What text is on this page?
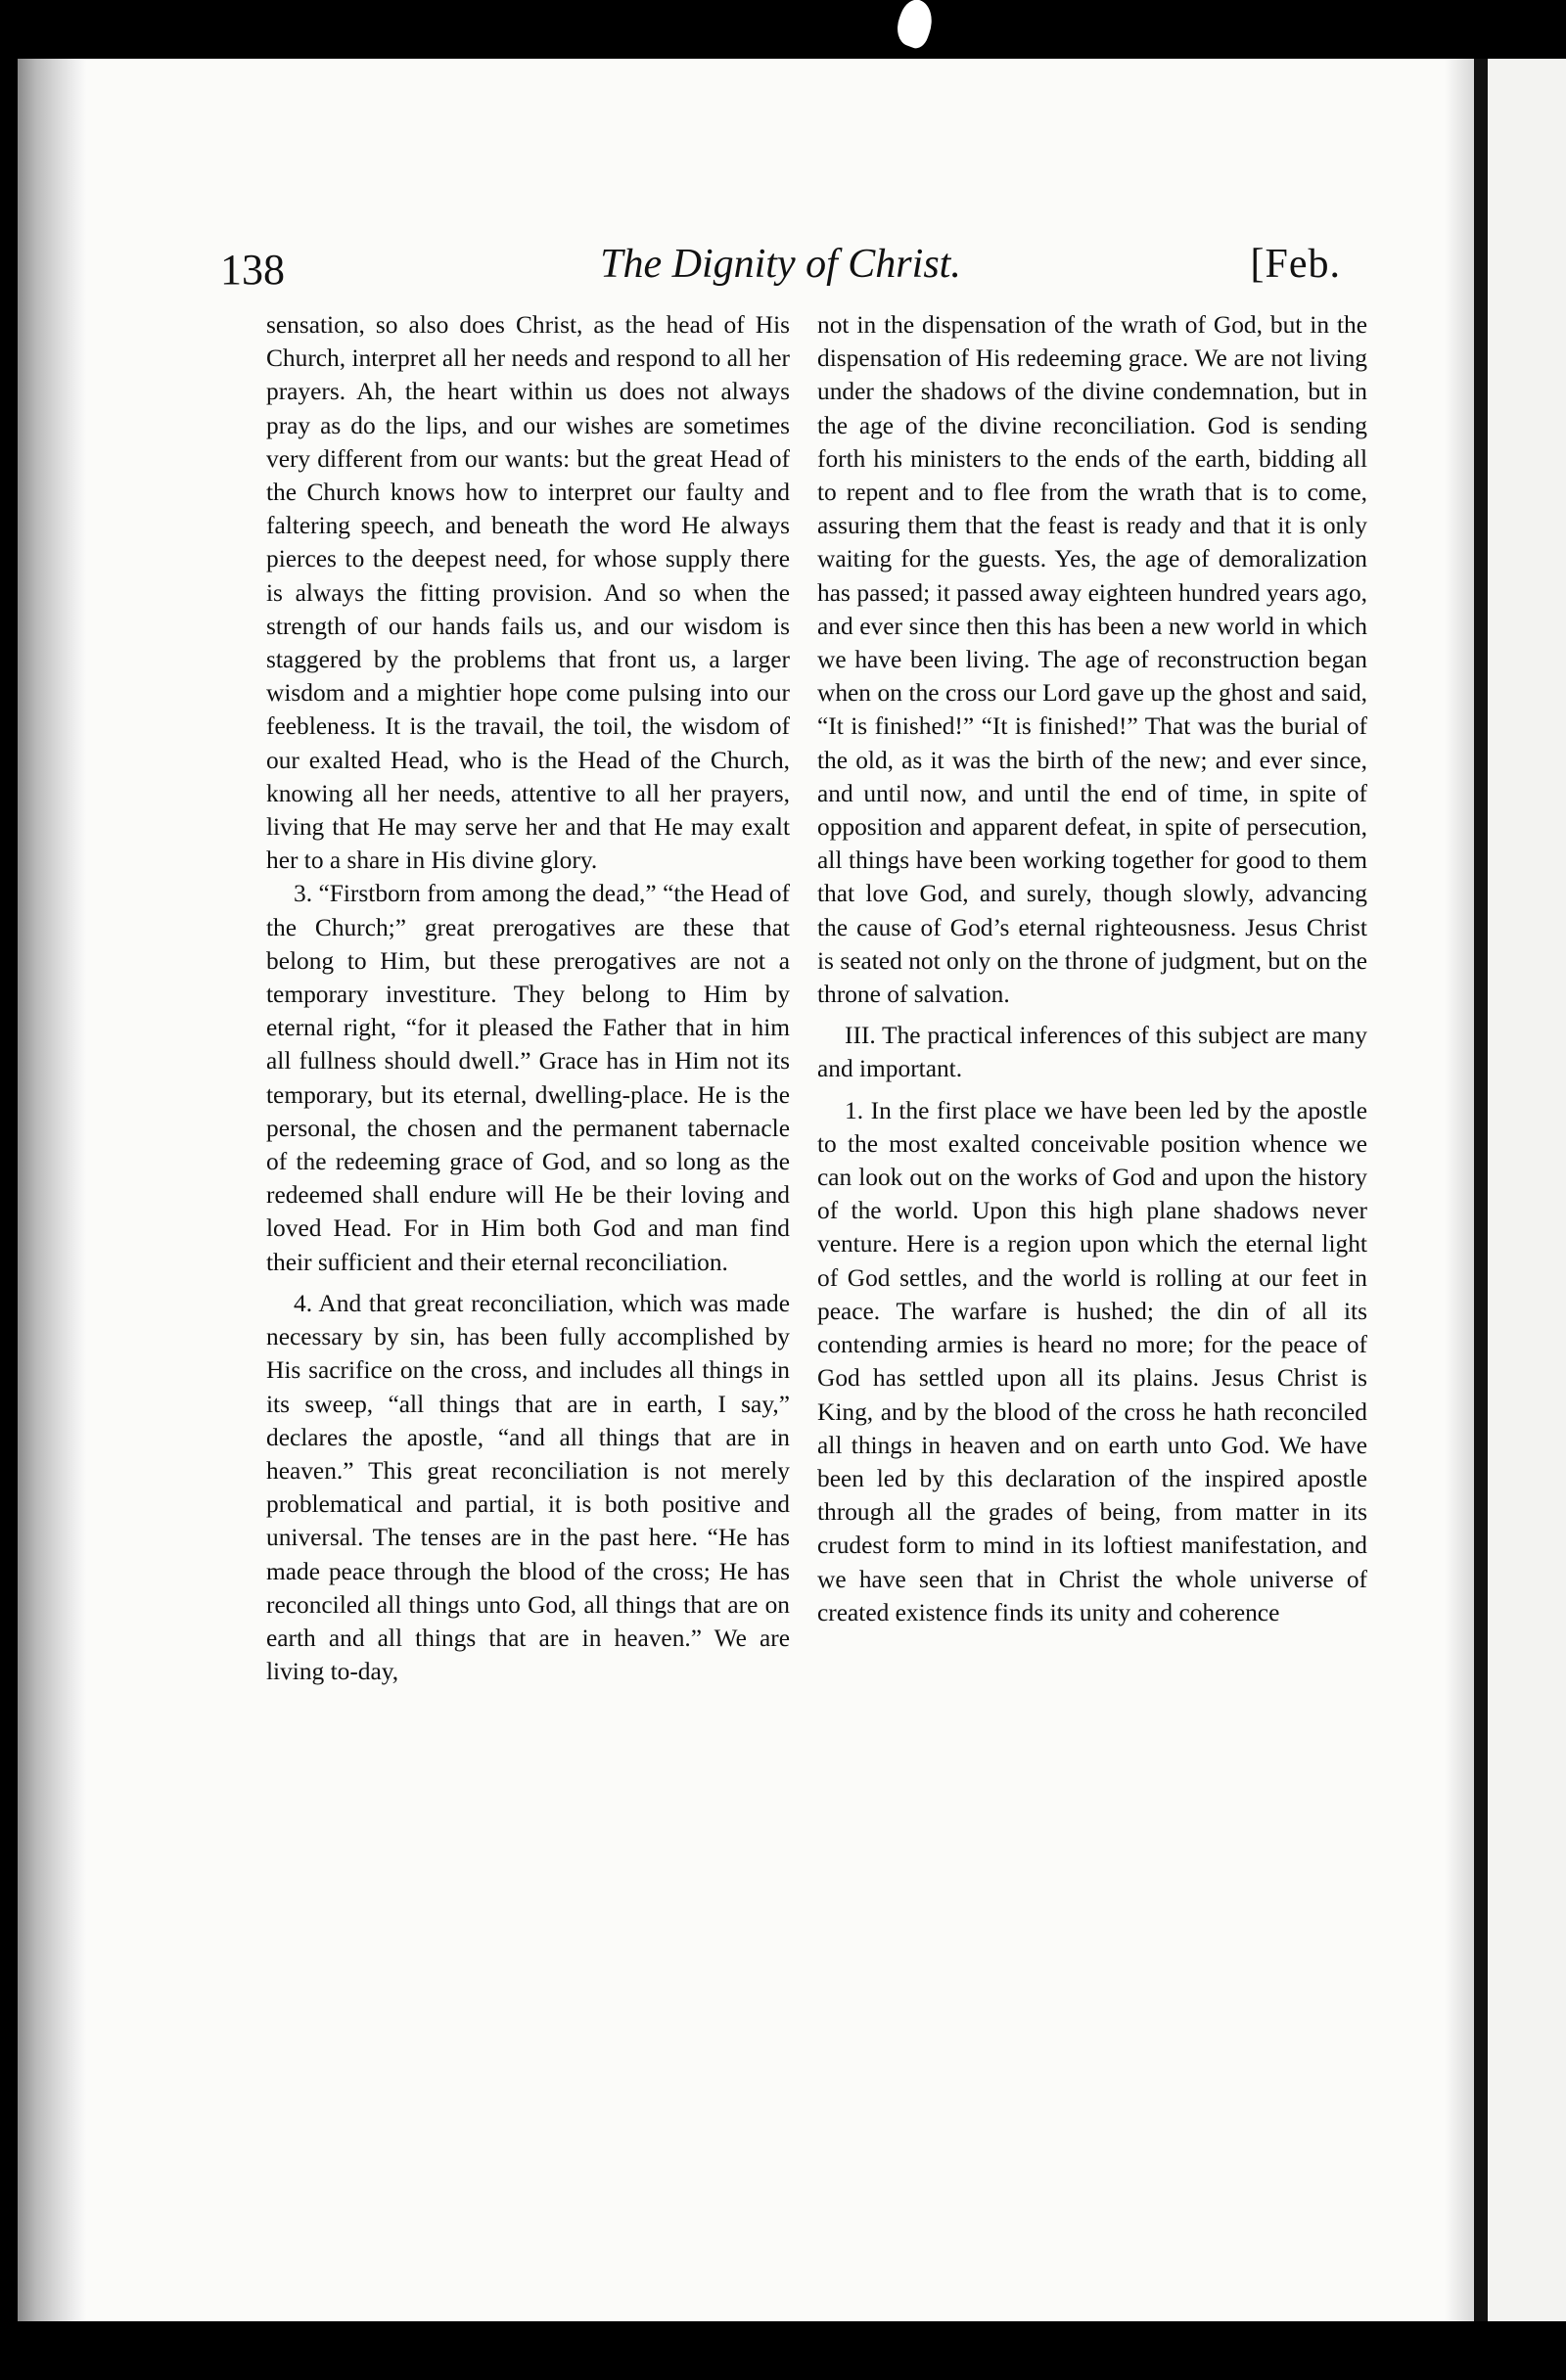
138	The Dignity of Christ.	[Feb.

sensation, so also does Christ, as the head of His Church, interpret all her needs and respond to all her prayers. Ah, the heart within us does not always pray as do the lips, and our wishes are sometimes very different from our wants: but the great Head of the Church knows how to interpret our faulty and faltering speech, and beneath the word He always pierces to the deepest need, for whose supply there is always the fitting provision. And so when the strength of our hands fails us, and our wisdom is staggered by the problems that front us, a larger wisdom and a mightier hope come pulsing into our feebleness. It is the travail, the toil, the wisdom of our exalted Head, who is the Head of the Church, knowing all her needs, attentive to all her prayers, living that He may serve her and that He may exalt her to a share in His divine glory.

3. “Firstborn from among the dead,” “the Head of the Church;” great prerogatives are these that belong to Him, but these prerogatives are not a temporary investiture. They belong to Him by eternal right, “for it pleased the Father that in him all fullness should dwell.” Grace has in Him not its temporary, but its eternal, dwelling-place. He is the personal, the chosen and the permanent tabernacle of the redeeming grace of God, and so long as the redeemed shall endure will He be their loving and loved Head. For in Him both God and man find their sufficient and their eternal reconciliation.

4. And that great reconciliation, which was made necessary by sin, has been fully accomplished by His sacrifice on the cross, and includes all things in its sweep, “all things that are in earth, I say,” declares the apostle, “and all things that are in heaven.” This great reconciliation is not merely problematical and partial, it is both positive and universal. The tenses are in the past here. “He has made peace through the blood of the cross; He has reconciled all things unto God, all things that are on earth and all things that are in heaven.” We are living to-day,

not in the dispensation of the wrath of God, but in the dispensation of His redeeming grace. We are not living under the shadows of the divine condemnation, but in the age of the divine reconciliation. God is sending forth his ministers to the ends of the earth, bidding all to repent and to flee from the wrath that is to come, assuring them that the feast is ready and that it is only waiting for the guests. Yes, the age of demoralization has passed; it passed away eighteen hundred years ago, and ever since then this has been a new world in which we have been living. The age of reconstruction began when on the cross our Lord gave up the ghost and said, “It is finished!” “It is finished!” That was the burial of the old, as it was the birth of the new; and ever since, and until now, and until the end of time, in spite of opposition and apparent defeat, in spite of persecution, all things have been working together for good to them that love God, and surely, though slowly, advancing the cause of God’s eternal righteousness. Jesus Christ is seated not only on the throne of judgment, but on the throne of salvation.

III. The practical inferences of this subject are many and important.

1. In the first place we have been led by the apostle to the most exalted conceivable position whence we can look out on the works of God and upon the history of the world. Upon this high plane shadows never venture. Here is a region upon which the eternal light of God settles, and the world is rolling at our feet in peace. The warfare is hushed; the din of all its contending armies is heard no more; for the peace of God has settled upon all its plains. Jesus Christ is King, and by the blood of the cross he hath reconciled all things in heaven and on earth unto God. We have been led by this declaration of the inspired apostle through all the grades of being, from matter in its crudest form to mind in its loftiest manifestation, and we have seen that in Christ the whole universe of created existence finds its unity and coherence
